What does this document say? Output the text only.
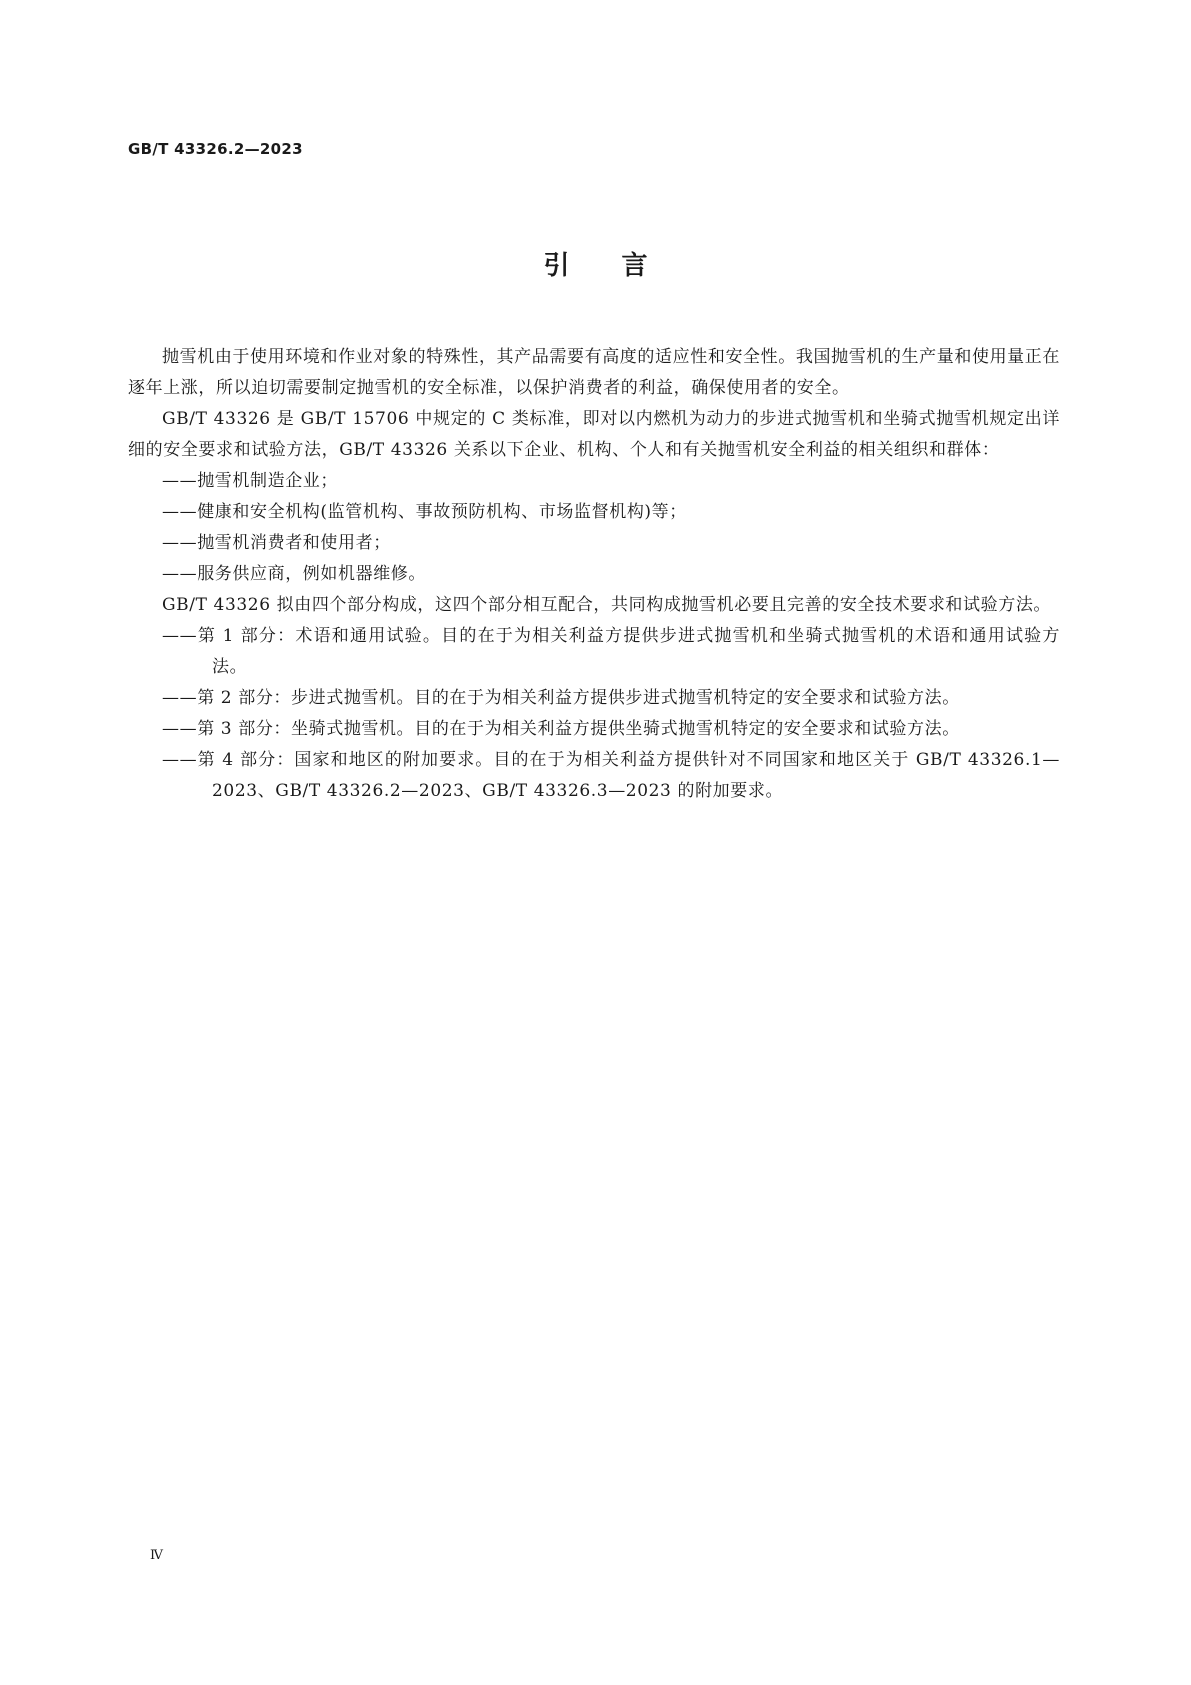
GB/T 43326.2—2023
引言

抛雪机由于使用环境和作业对象的特殊性，其产品需要有高度的适应性和安全性。我国抛雪机的生产量和使用量正在逐年上涨，所以迫切需要制定抛雪机的安全标准，以保护消费者的利益，确保使用者的安全。

GB/T 43326 是 GB/T 15706 中规定的 C 类标准，即对以内燃机为动力的步进式抛雪机和坐骑式抛雪机规定出详细的安全要求和试验方法，GB/T 43326 关系以下企业、机构、个人和有关抛雪机安全利益的相关组织和群体：

——抛雪机制造企业；

——健康和安全机构(监管机构、事故预防机构、市场监督机构)等；

——抛雪机消费者和使用者；

——服务供应商，例如机器维修。

GB/T 43326 拟由四个部分构成，这四个部分相互配合，共同构成抛雪机必要且完善的安全技术要求和试验方法。

——第 1 部分：术语和通用试验。目的在于为相关利益方提供步进式抛雪机和坐骑式抛雪机的术语和通用试验方法。

——第 2 部分：步进式抛雪机。目的在于为相关利益方提供步进式抛雪机特定的安全要求和试验方法。

——第 3 部分：坐骑式抛雪机。目的在于为相关利益方提供坐骑式抛雪机特定的安全要求和试验方法。

——第 4 部分：国家和地区的附加要求。目的在于为相关利益方提供针对不同国家和地区关于 GB/T 43326.1—2023、GB/T 43326.2—2023、GB/T 43326.3—2023 的附加要求。

Ⅳ
